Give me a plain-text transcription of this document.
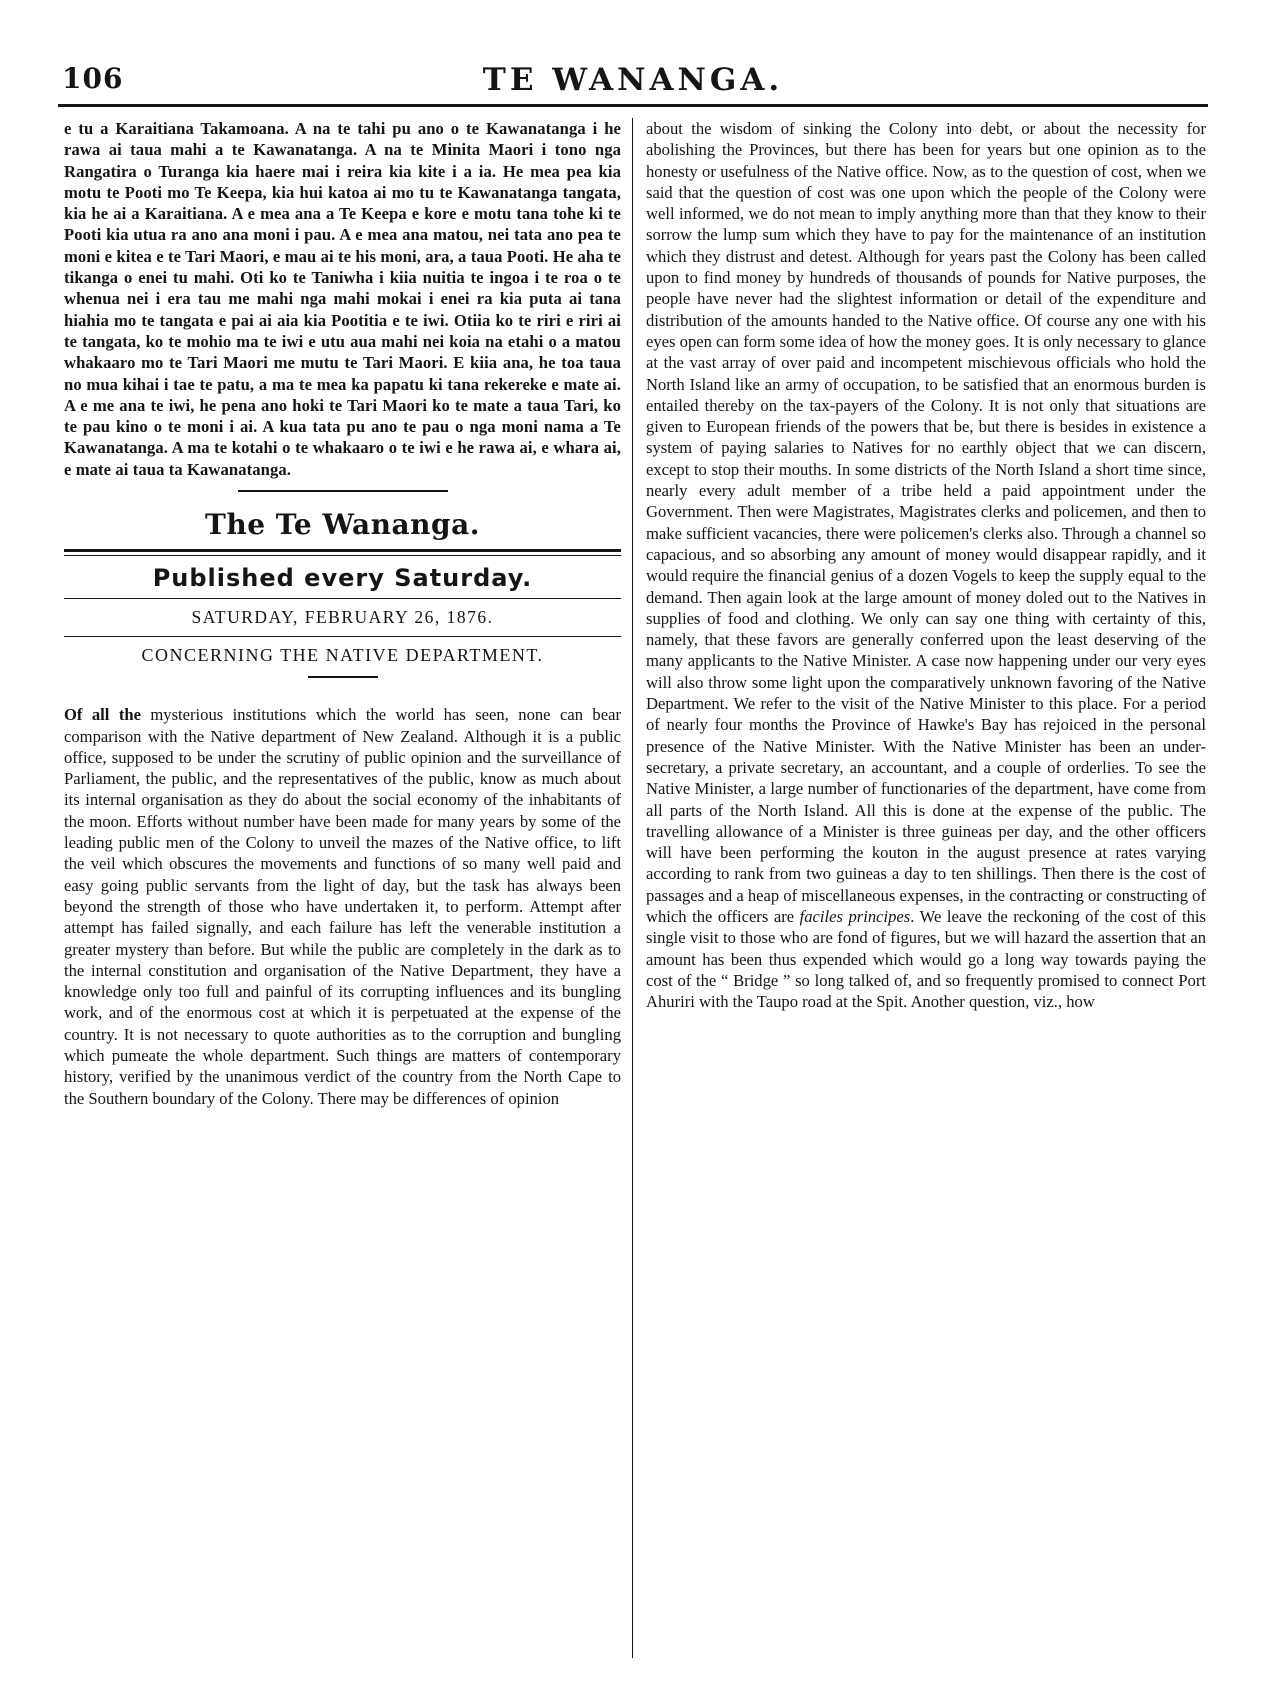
106	TE WANANGA.

e tu a Karaitiana Takamoana. A na te tahi pu ano o te Kawanatanga i he rawa ai taua mahi a te Kawanatanga. A na te Minita Maori i tono nga Rangatira o Turanga kia haere mai i reira kia kite i a ia. He mea pea kia motu te Pooti mo Te Keepa, kia hui katoa ai mo tu te Kawanatanga tangata, kia he ai a Karaitiana. A e mea ana a Te Keepa e kore e motu tana tohe ki te Pooti kia utua ra ano ana moni i pau. A e mea ana matou, nei tata ano pea te moni e kitea e te Tari Maori, e mau ai te his moni, ara, a taua Pooti. He aha te tikanga o enei tu mahi. Oti ko te Taniwha i kiia nuitia te ingoa i te roa o te whenua nei i era tau me mahi nga mahi mokai i enei ra kia puta ai tana hiahia mo te tangata e pai ai aia kia Pootitia e te iwi. Otiia ko te riri e riri ai te tangata, ko te mohio ma te iwi e utu aua mahi nei koia na etahi o a matou whakaaro mo te Tari Maori me mutu te Tari Maori. E kiia ana, he toa taua no mua kihai i tae te patu, a ma te mea ka papatu ki tana rekereke e mate ai. A e me ana te iwi, he pena ano hoki te Tari Maori ko te mate a taua Tari, ko te pau kino o te moni i ai. A kua tata pu ano te pau o nga moni nama a Te Kawanatanga. A ma te kotahi o te whakaaro o te iwi e he rawa ai, e whara ai, e mate ai taua ta Kawanatanga.

The Te Wananga.
Published every Saturday.
SATURDAY, FEBRUARY 26, 1876.
CONCERNING THE NATIVE DEPARTMENT.

Of all the mysterious institutions which the world has seen, none can bear comparison with the Native department of New Zealand. Although it is a public office, supposed to be under the scrutiny of public opinion and the surveillance of Parliament, the public, and the representatives of the public, know as much about its internal organisation as they do about the social economy of the inhabitants of the moon. Efforts without number have been made for many years by some of the leading public men of the Colony to unveil the mazes of the Native office, to lift the veil which obscures the movements and functions of so many well paid and easy going public servants from the light of day, but the task has always been beyond the strength of those who have undertaken it, to perform. Attempt after attempt has failed signally, and each failure has left the venerable institution a greater mystery than before. But while the public are completely in the dark as to the internal constitution and organisation of the Native Department, they have a knowledge only too full and painful of its corrupting influences and its bungling work, and of the enormous cost at which it is perpetuated at the expense of the country. It is not necessary to quote authorities as to the corruption and bungling which pumeate the whole department. Such things are matters of contemporary history, verified by the unanimous verdict of the country from the North Cape to the Southern boundary of the Colony. There may be differences of opinion

about the wisdom of sinking the Colony into debt, or about the necessity for abolishing the Provinces, but there has been for years but one opinion as to the honesty or usefulness of the Native office. Now, as to the question of cost, when we said that the question of cost was one upon which the people of the Colony were well informed, we do not mean to imply anything more than that they know to their sorrow the lump sum which they have to pay for the maintenance of an institution which they distrust and detest. Although for years past the Colony has been called upon to find money by hundreds of thousands of pounds for Native purposes, the people have never had the slightest information or detail of the expenditure and distribution of the amounts handed to the Native office. Of course any one with his eyes open can form some idea of how the money goes. It is only necessary to glance at the vast array of over paid and incompetent mischievous officials who hold the North Island like an army of occupation, to be satisfied that an enormous burden is entailed thereby on the tax-payers of the Colony. It is not only that situations are given to European friends of the powers that be, but there is besides in existence a system of paying salaries to Natives for no earthly object that we can discern, except to stop their mouths. In some districts of the North Island a short time since, nearly every adult member of a tribe held a paid appointment under the Government. Then were Magistrates, Magistrates clerks and policemen, and then to make sufficient vacancies, there were policemen's clerks also. Through a channel so capacious, and so absorbing any amount of money would disappear rapidly, and it would require the financial genius of a dozen Vogels to keep the supply equal to the demand. Then again look at the large amount of money doled out to the Natives in supplies of food and clothing. We only can say one thing with certainty of this, namely, that these favors are generally conferred upon the least deserving of the many applicants to the Native Minister. A case now happening under our very eyes will also throw some light upon the comparatively unknown favoring of the Native Department. We refer to the visit of the Native Minister to this place. For a period of nearly four months the Province of Hawke's Bay has rejoiced in the personal presence of the Native Minister. With the Native Minister has been an under-secretary, a private secretary, an accountant, and a couple of orderlies. To see the Native Minister, a large number of functionaries of the department, have come from all parts of the North Island. All this is done at the expense of the public. The travelling allowance of a Minister is three guineas per day, and the other officers will have been performing the kouton in the august presence at rates varying according to rank from two guineas a day to ten shillings. Then there is the cost of passages and a heap of miscellaneous expenses, in the contracting or constructing of which the officers are faciles principes. We leave the reckoning of the cost of this single visit to those who are fond of figures, but we will hazard the assertion that an amount has been thus expended which would go a long way towards paying the cost of the “ Bridge ” so long talked of, and so frequently promised to connect Port Ahuriri with the Taupo road at the Spit. Another question, viz., how
